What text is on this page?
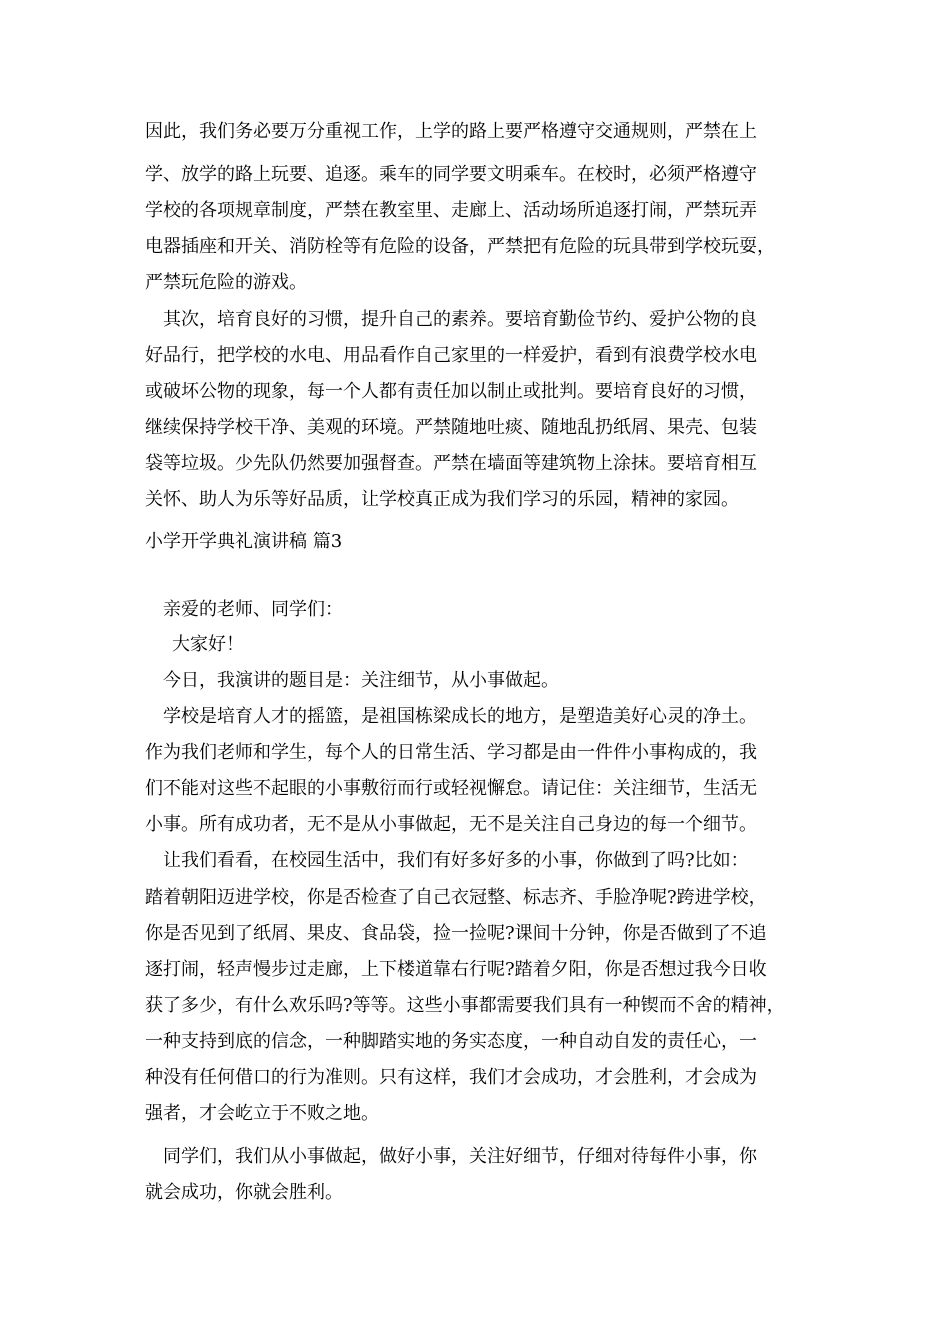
因此，我们务必要万分重视工作，上学的路上要严格遵守交通规则，严禁在上
学、放学的路上玩要、追逐。乘车的同学要文明乘车。在校时，必须严格遵守
学校的各项规章制度，严禁在教室里、走廊上、活动场所追逐打闹，严禁玩弄
电器插座和开关、消防栓等有危险的设备，严禁把有危险的玩具带到学校玩耍，
严禁玩危险的游戏。
　其次，培育良好的习惯，提升自己的素养。要培育勤俭节约、爱护公物的良
好品行，把学校的水电、用品看作自己家里的一样爱护，看到有浪费学校水电
或破坏公物的现象，每一个人都有责任加以制止或批判。要培育良好的习惯，
继续保持学校干净、美观的环境。严禁随地吐痰、随地乱扔纸屑、果壳、包装
袋等垃圾。少先队仍然要加强督查。严禁在墙面等建筑物上涂抹。要培育相互
关怀、助人为乐等好品质，让学校真正成为我们学习的乐园，精神的家园。
小学开学典礼演讲稿 篇3
亲爱的老师、同学们：
大家好！
　今日，我演讲的题目是：关注细节，从小事做起。
　学校是培育人才的摇篮，是祖国栋梁成长的地方，是塑造美好心灵的净土。
作为我们老师和学生，每个人的日常生活、学习都是由一件件小事构成的，我
们不能对这些不起眼的小事敷衍而行或轻视懈怠。请记住：关注细节，生活无
小事。所有成功者，无不是从小事做起，无不是关注自己身边的每一个细节。
　让我们看看，在校园生活中，我们有好多好多的小事，你做到了吗?比如：
踏着朝阳迈进学校，你是否检查了自己衣冠整、标志齐、手脸净呢?跨进学校，
你是否见到了纸屑、果皮、食品袋，捡一捡呢?课间十分钟，你是否做到了不追
逐打闹，轻声慢步过走廊，上下楼道靠右行呢?踏着夕阳，你是否想过我今日收
获了多少，有什么欢乐吗?等等。这些小事都需要我们具有一种锲而不舍的精神，
一种支持到底的信念，一种脚踏实地的务实态度，一种自动自发的责任心，一
种没有任何借口的行为准则。只有这样，我们才会成功，才会胜利，才会成为
强者，才会屹立于不败之地。
　同学们，我们从小事做起，做好小事，关注好细节，仔细对待每件小事，你
就会成功，你就会胜利。
